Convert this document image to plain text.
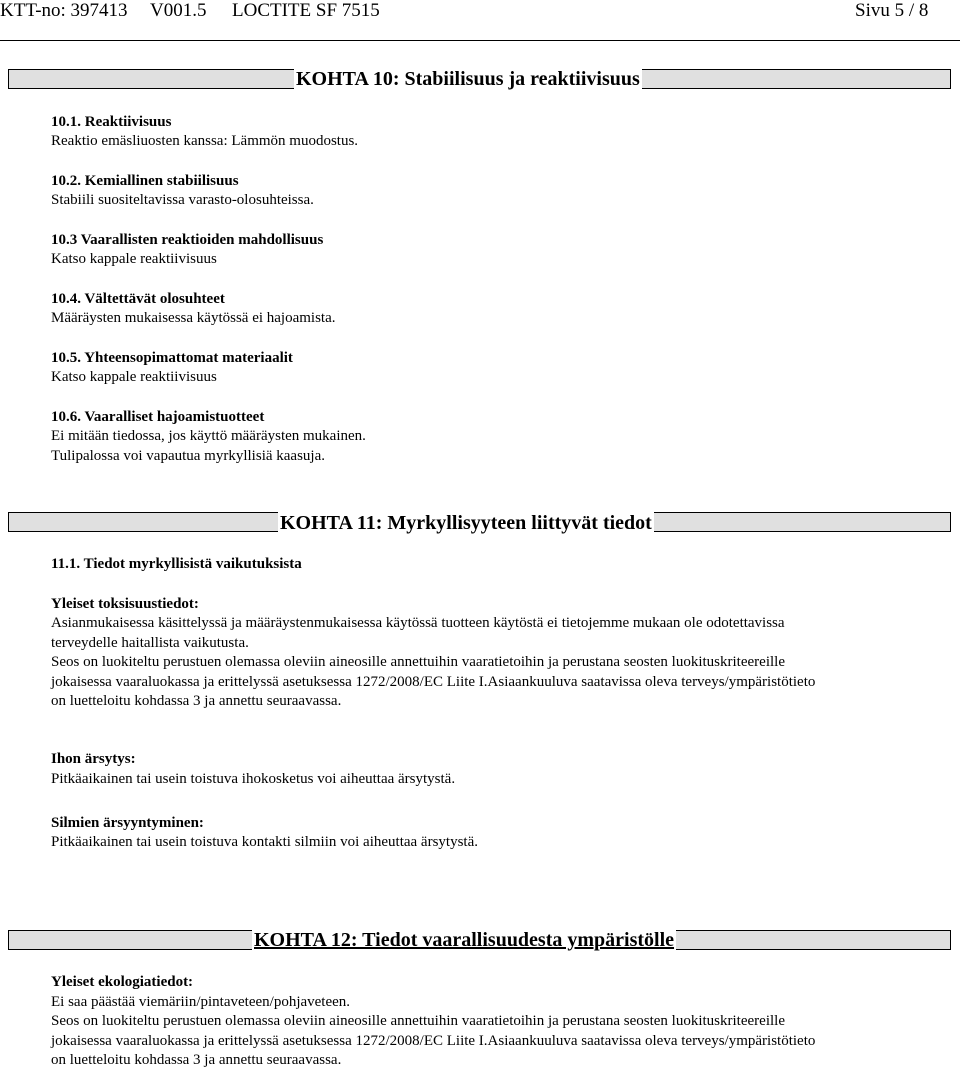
KTT-no: 397413 V001.5 LOCTITE SF 7515	Sivu 5 / 8
KOHTA 10: Stabiilisuus ja reaktiivisuus
10.1. Reaktiivisuus
Reaktio emäsliuosten kanssa: Lämmön muodostus.
10.2. Kemiallinen stabiilisuus
Stabiili suositeltavissa varasto-olosuhteissa.
10.3 Vaarallisten reaktioiden mahdollisuus
Katso kappale reaktiivisuus
10.4. Vältettävät olosuhteet
Määräysten mukaisessa käytössä ei hajoamista.
10.5. Yhteensopimattomat materiaalit
Katso kappale reaktiivisuus
10.6. Vaaralliset hajoamistuotteet
Ei mitään tiedossa, jos käyttö määräysten mukainen.
Tulipalossa voi vapautua myrkyllisiä kaasuja.
KOHTA 11: Myrkyllisyyteen liittyvät tiedot
11.1. Tiedot myrkyllisistä vaikutuksista
Yleiset toksisuustiedot:
Asianmukaisessa käsittelyssä ja määräystenmukaisessa käytössä tuotteen käytöstä ei tietojemme mukaan ole odotettavissa
terveydelle haitallista vaikutusta.
Seos on luokiteltu perustuen olemassa oleviin aineosille annettuihin vaaratietoihin ja perustana seosten luokituskriteereille
jokaisessa vaaraluokassa ja erittelyssä asetuksessa 1272/2008/EC Liite I.Asiaankuuluva saatavissa oleva terveys/ympäristötieto
on luetteloitu kohdassa 3 ja annettu seuraavassa.
Ihon ärsytys:
Pitkäaikainen tai usein toistuva ihokosketus voi aiheuttaa ärsytystä.
Silmien ärsyyntyminen:
Pitkäaikainen tai usein toistuva kontakti silmiin voi aiheuttaa ärsytystä.
KOHTA 12: Tiedot vaarallisuudesta ympäristölle
Yleiset ekologiatiedot:
Ei saa päästää viemäriin/pintaveteen/pohjaveteen.
Seos on luokiteltu perustuen olemassa oleviin aineosille annettuihin vaaratietoihin ja perustana seosten luokituskriteereille
jokaisessa vaaraluokassa ja erittelyssä asetuksessa 1272/2008/EC Liite I.Asiaankuuluva saatavissa oleva terveys/ympäristötieto
on luetteloitu kohdassa 3 ja annettu seuraavassa.
